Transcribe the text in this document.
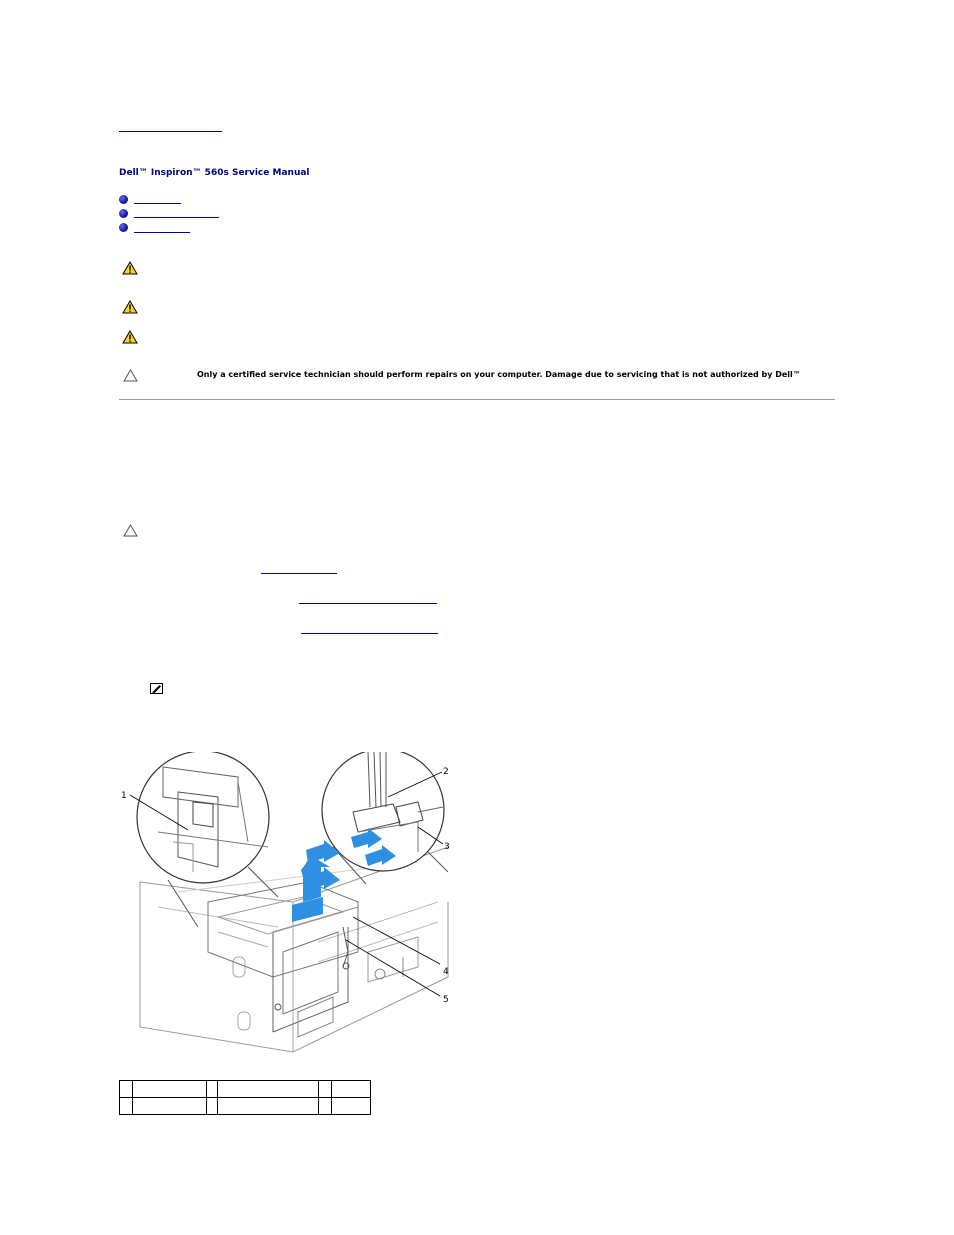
Dell™ Inspiron™ 560s Service Manual
Only a certified service technician should perform repairs on your computer. Damage due to servicing that is not authorized by Dell™
1
2
3
4
5
